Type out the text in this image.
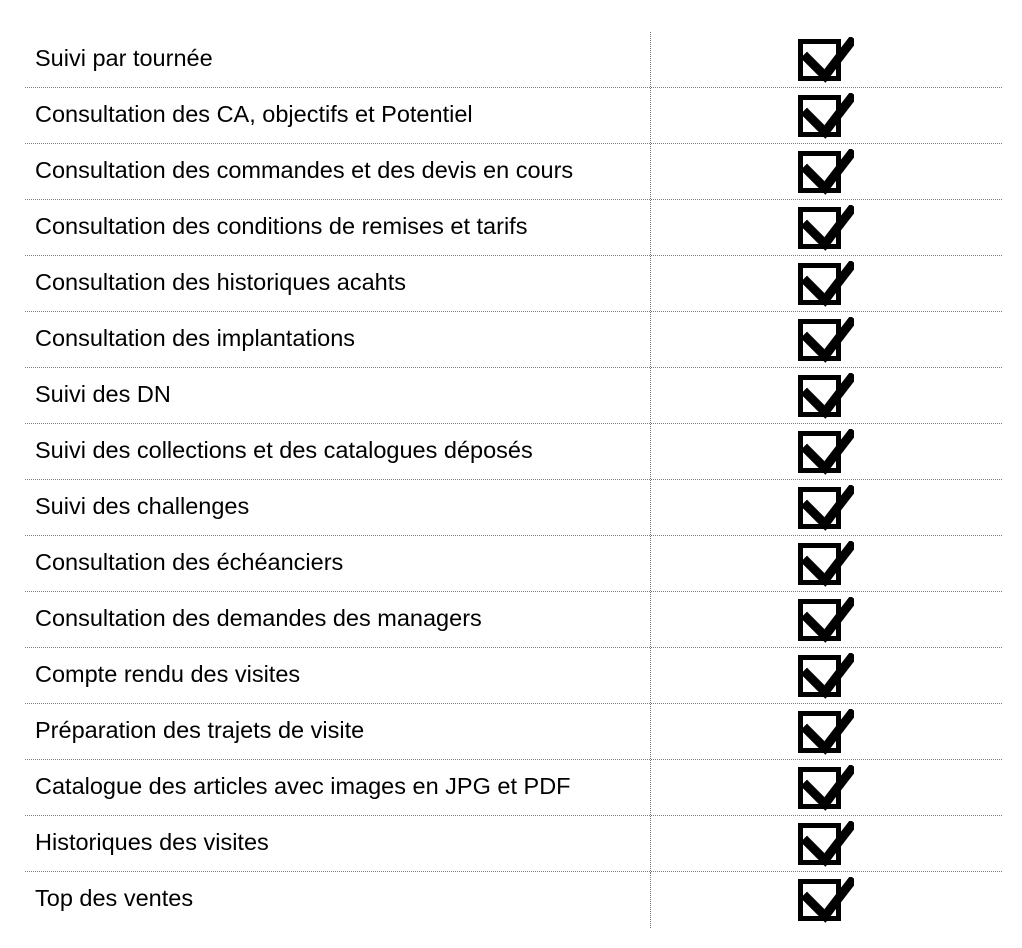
Suivi par tournée
Consultation des CA, objectifs et Potentiel
Consultation des commandes et des devis en cours
Consultation des conditions de remises et tarifs
Consultation des historiques acahts
Consultation des implantations
Suivi des DN
Suivi des collections et des catalogues déposés
Suivi des challenges
Consultation des échéanciers
Consultation des demandes des managers
Compte rendu des visites
Préparation des trajets de visite
Catalogue des articles avec images en JPG et PDF
Historiques des visites
Top des ventes
